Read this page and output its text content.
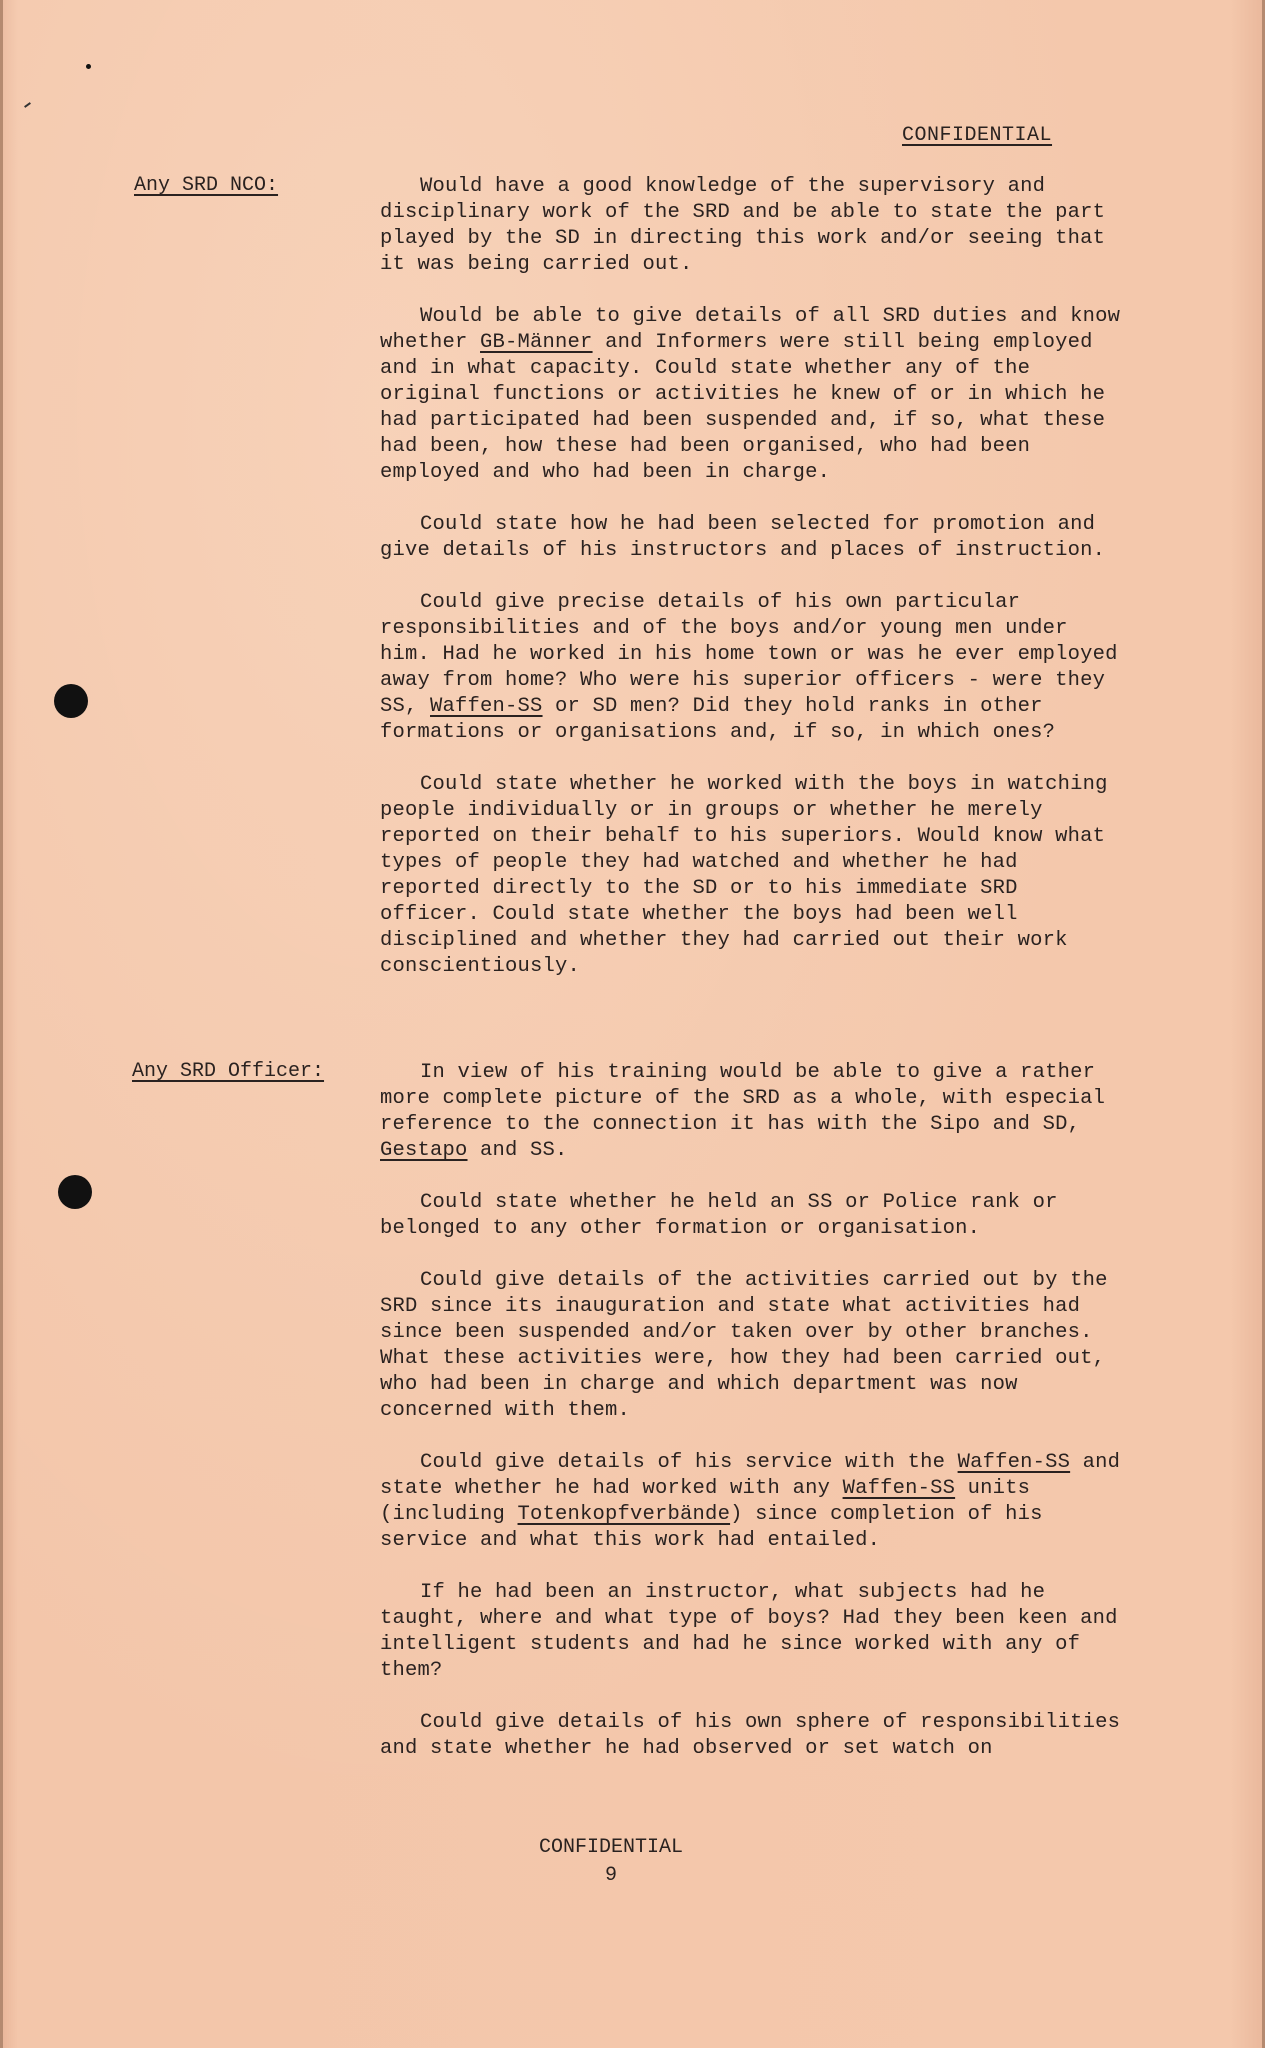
CONFIDENTIAL
Any SRD NCO:	Would have a good knowledge of the supervisory and disciplinary work of the SRD and be able to state the part played by the SD in directing this work and/or seeing that it was being carried out.

Would be able to give details of all SRD duties and know whether GB-Männer and Informers were still being employed and in what capacity. Could state whether any of the original functions or activities he knew of or in which he had participated had been suspended and, if so, what these had been, how these had been organised, who had been employed and who had been in charge.

Could state how he had been selected for promotion and give details of his instructors and places of instruction.

Could give precise details of his own particular responsibilities and of the boys and/or young men under him. Had he worked in his home town or was he ever employed away from home? Who were his superior officers - were they SS, Waffen-SS or SD men? Did they hold ranks in other formations or organisations and, if so, in which ones?

Could state whether he worked with the boys in watching people individually or in groups or whether he merely reported on their behalf to his superiors. Would know what types of people they had watched and whether he had reported directly to the SD or to his immediate SRD officer. Could state whether the boys had been well disciplined and whether they had carried out their work conscientiously.

Any SRD Officer:	In view of his training would be able to give a rather more complete picture of the SRD as a whole, with especial reference to the connection it has with the Sipo and SD, Gestapo and SS.

Could state whether he held an SS or Police rank or belonged to any other formation or organisation.

Could give details of the activities carried out by the SRD since its inauguration and state what activities had since been suspended and/or taken over by other branches. What these activities were, how they had been carried out, who had been in charge and which department was now concerned with them.

Could give details of his service with the Waffen-SS and state whether he had worked with any Waffen-SS units (including Totenkopfverbände) since completion of his service and what this work had entailed.

If he had been an instructor, what subjects had he taught, where and what type of boys? Had they been keen and intelligent students and had he since worked with any of them?

Could give details of his own sphere of responsibilities and state whether he had observed or set watch on

CONFIDENTIAL
9
